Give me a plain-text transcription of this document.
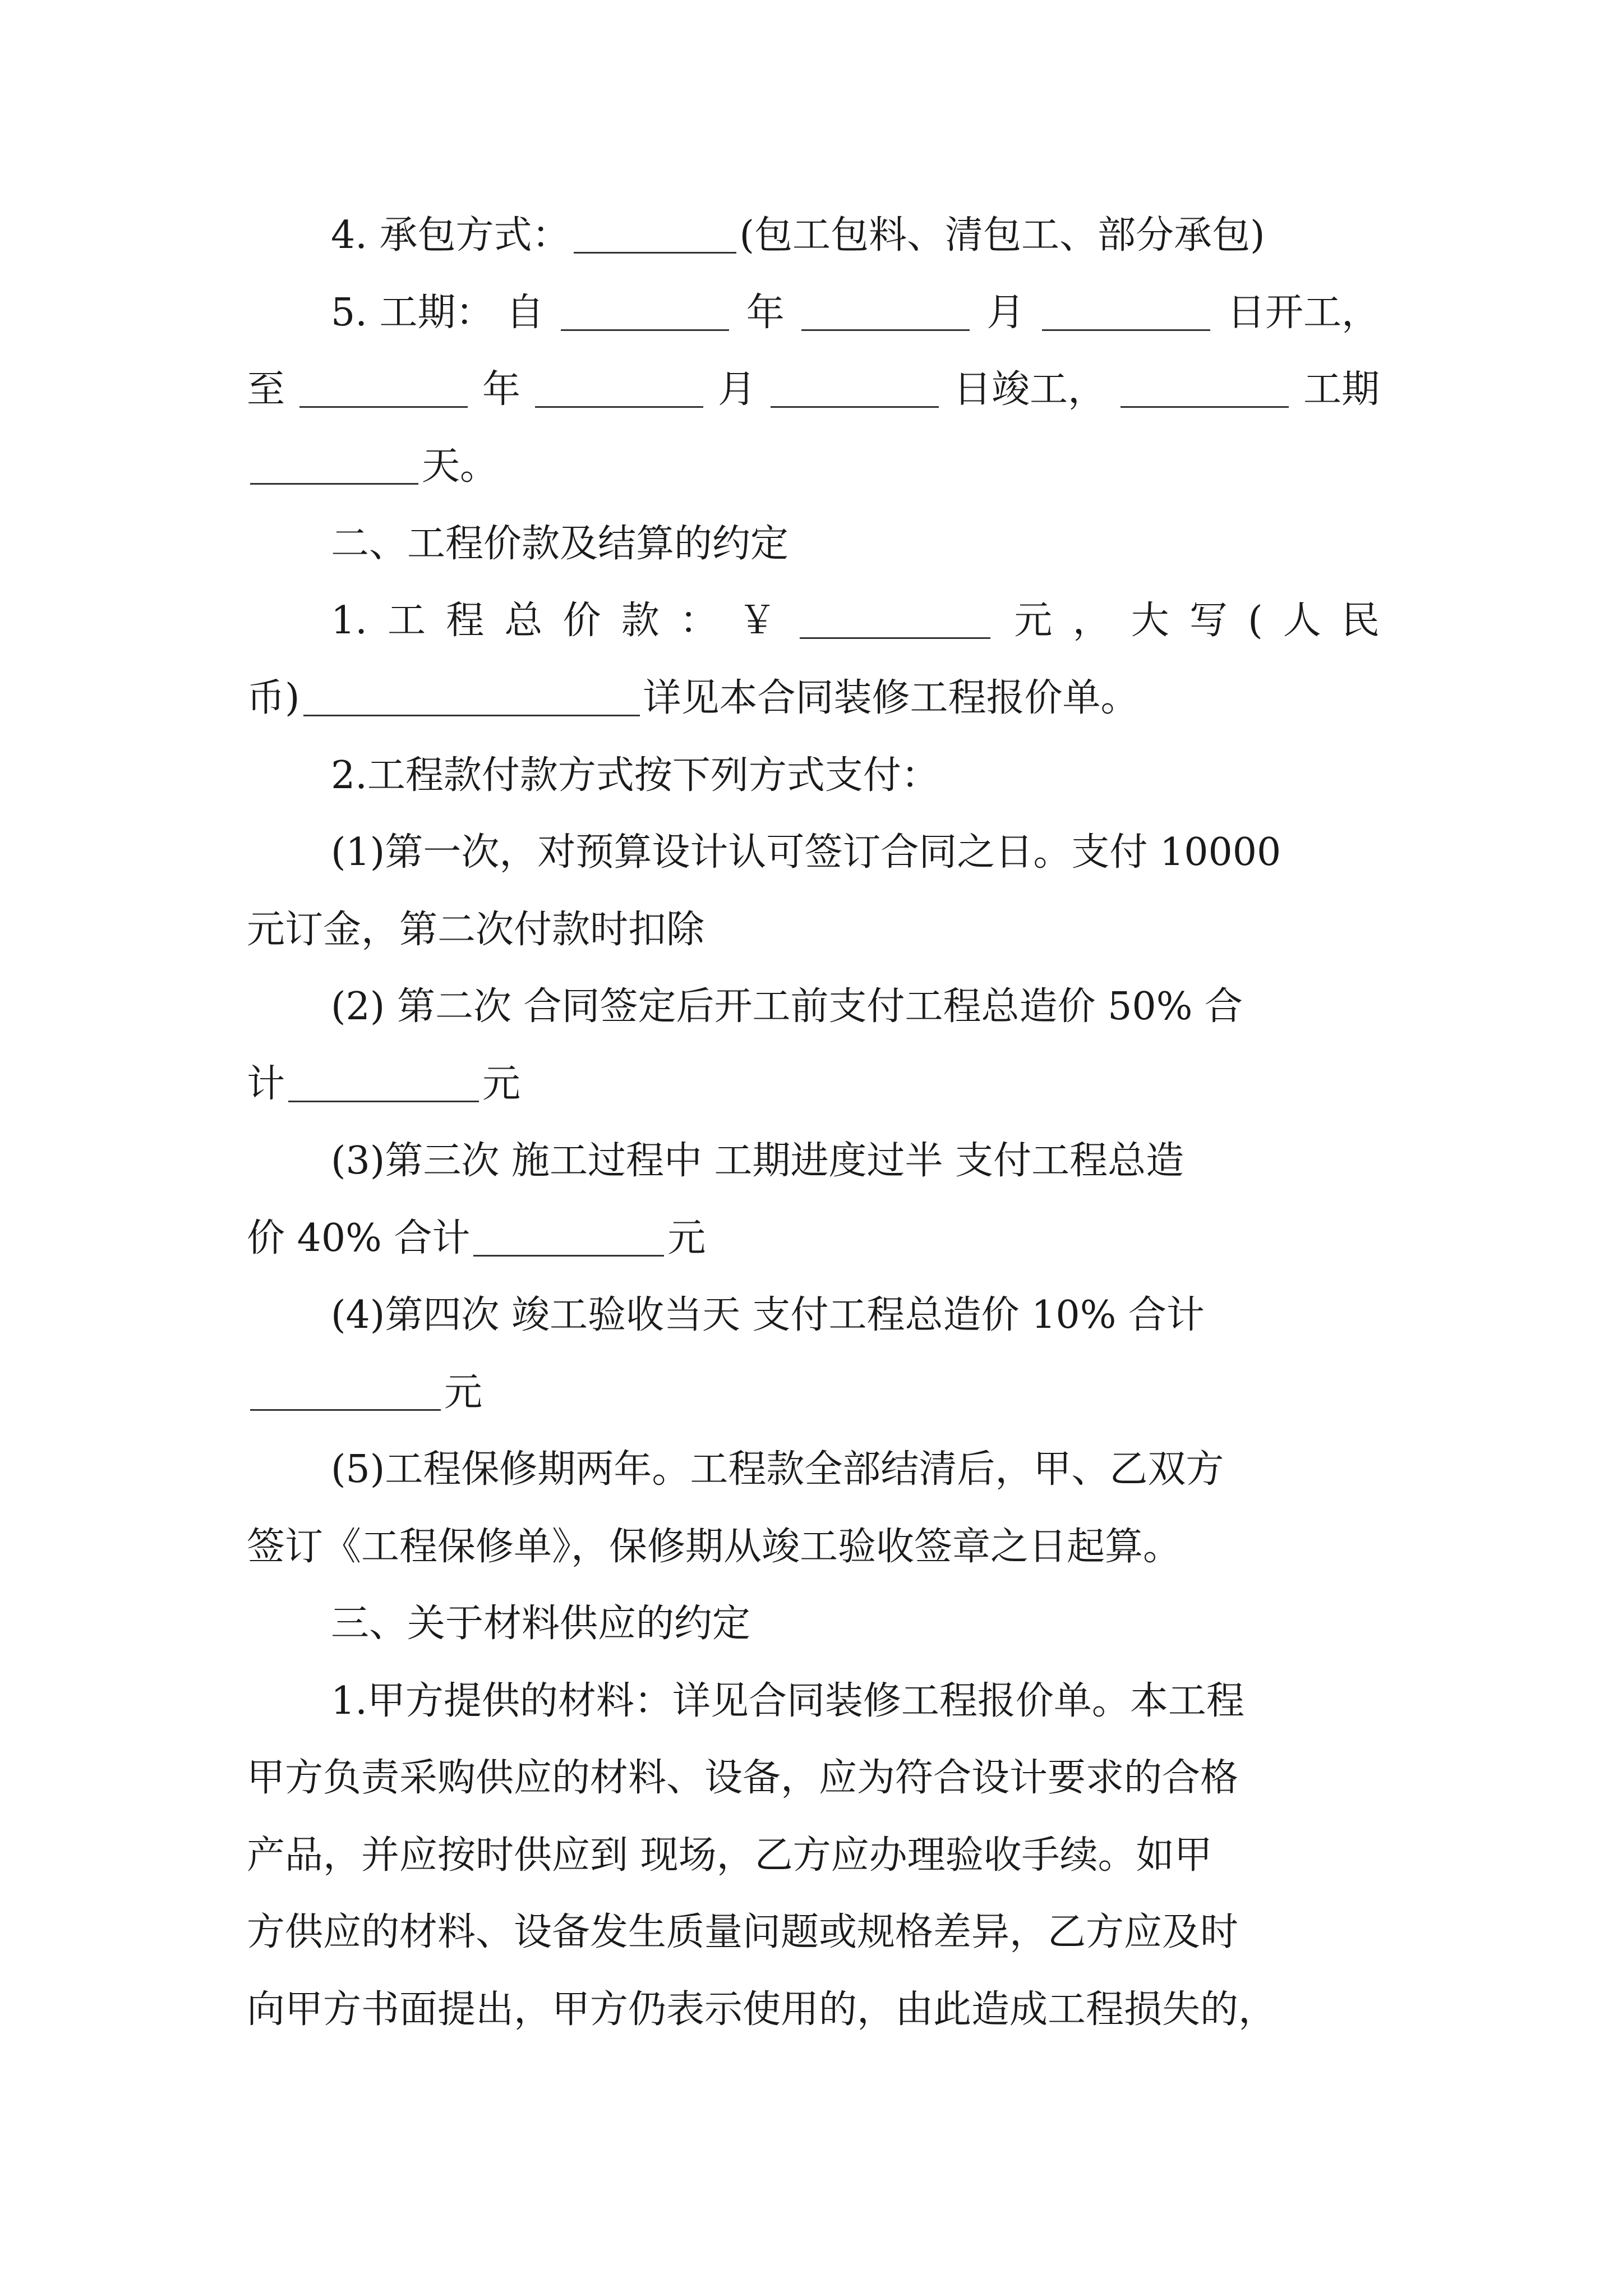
4. 承包方式：	(包工包料、清包工、部分承包)
5. 工期： 自	年	月	日开工，
至	年	月	日竣工，	工期
天。
二、工程价款及结算的约定
1. 工 程 总 价 款 ： ￥	元 ， 大 写 ( 人 民
币)	详见本合同装修工程报价单。
2.工程款付款方式按下列方式支付：
(1)第一次，对预算设计认可签订合同之日。支付 10000
元订金，第二次付款时扣除
(2) 第二次 合同签定后开工前支付工程总造价 50% 合
计	元
(3)第三次 施工过程中 工期进度过半 支付工程总造
价 40% 合计	元
(4)第四次 竣工验收当天 支付工程总造价 10% 合计
元
(5)工程保修期两年。工程款全部结清后，甲、乙双方
签订《工程保修单》，保修期从竣工验收签章之日起算。
三、关于材料供应的约定
1.甲方提供的材料：详见合同装修工程报价单。本工程
甲方负责采购供应的材料、设备，应为符合设计要求的合格
产品，并应按时供应到 现场，乙方应办理验收手续。如甲
方供应的材料、设备发生质量问题或规格差异，乙方应及时
向甲方书面提出，甲方仍表示使用的，由此造成工程损失的，
